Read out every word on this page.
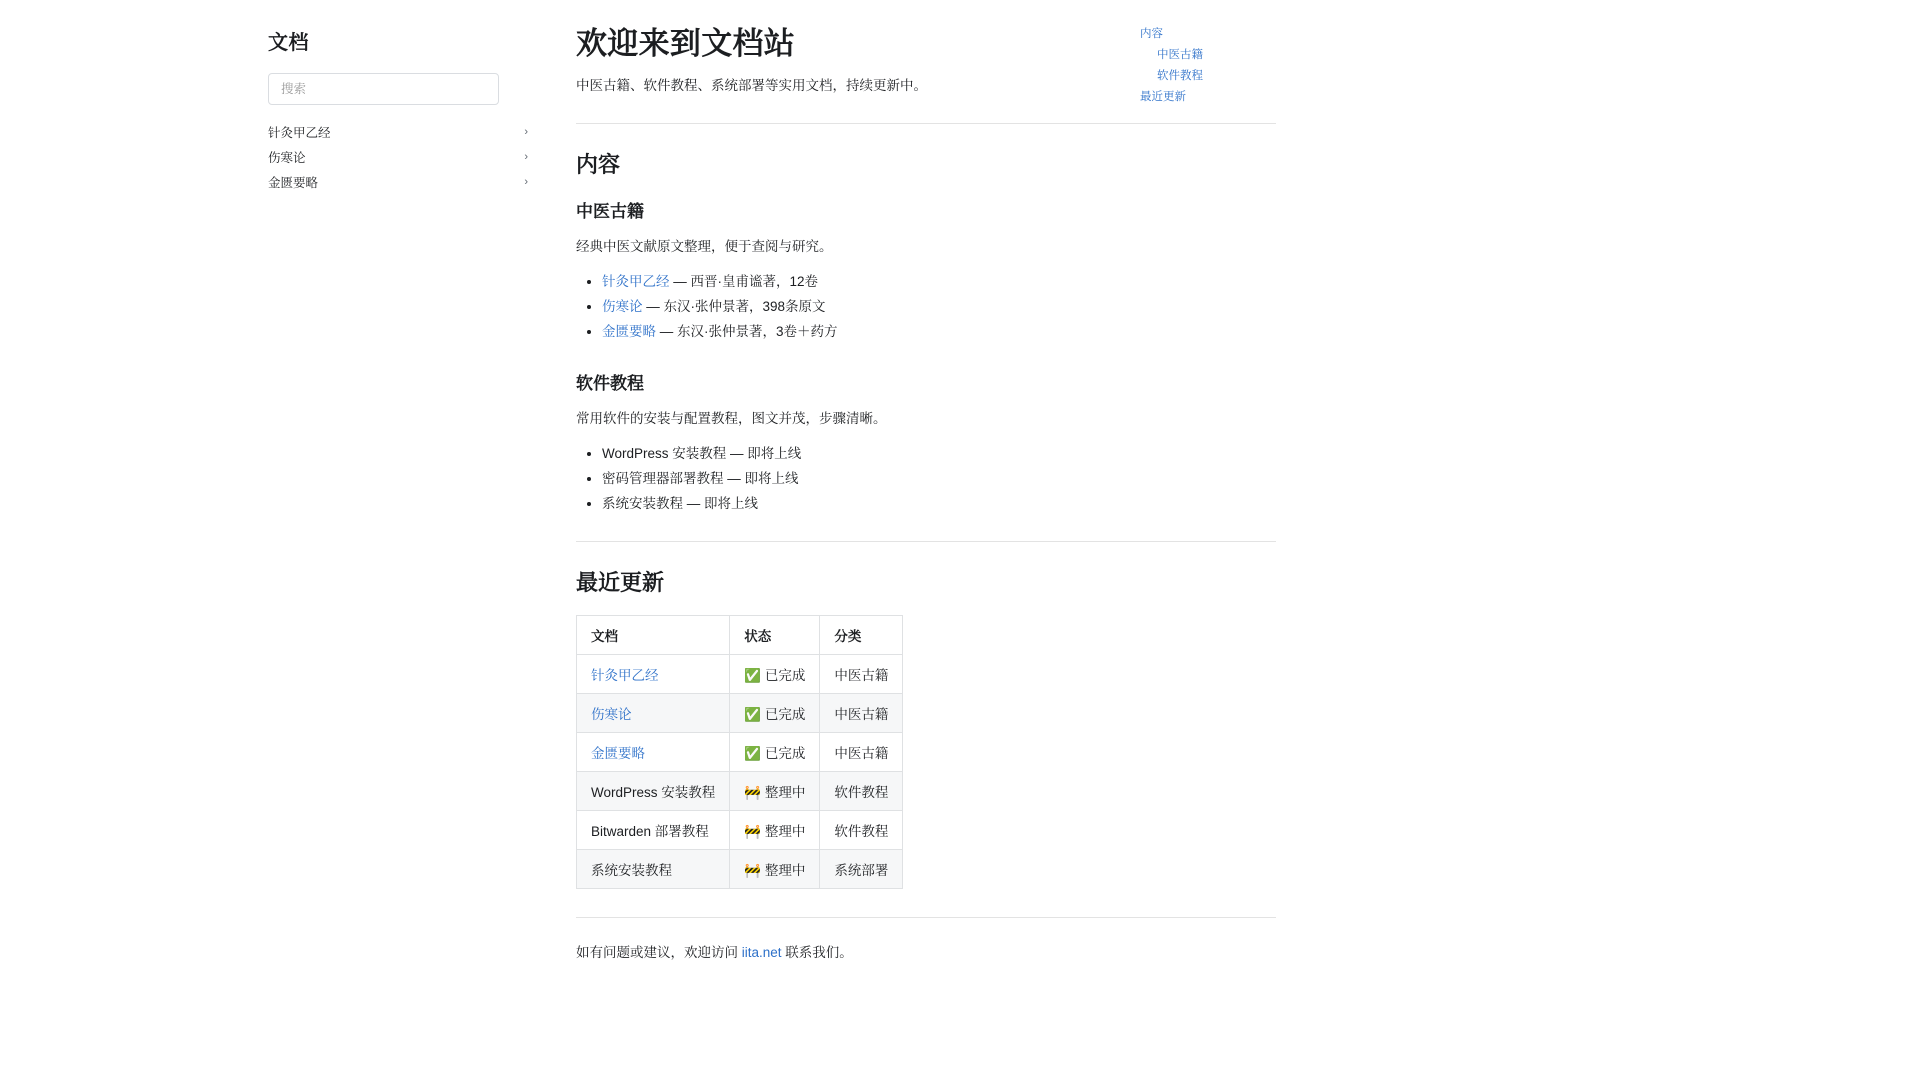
文档
搜索
针灸甲乙经	›
伤寒论	›
金匮要略	›
欢迎来到文档站

中医古籍、软件教程、系统部署等实用文档，持续更新中。

内容
中医古籍

经典中医文献原文整理，便于查阅与研究。

• 针灸甲乙经 — 西晋·皇甫谧著，12卷
• 伤寒论 — 东汉·张仲景著，398条原文
• 金匮要略 — 东汉·张仲景著，3卷＋药方
软件教程

常用软件的安装与配置教程，图文并茂，步骤清晰。

• WordPress 安装教程 — 即将上线
• 密码管理器部署教程 — 即将上线
• 系统安装教程 — 即将上线
最近更新
文档	状态	分类
针灸甲乙经	✅ 已完成	中医古籍
伤寒论	✅ 已完成	中医古籍
金匮要略	✅ 已完成	中医古籍
WordPress 安装教程	🚧 整理中	软件教程
Bitwarden 部署教程	🚧 整理中	软件教程
系统安装教程	🚧 整理中	系统部署

如有问题或建议，欢迎访问 iita.net 联系我们。

内容
中医古籍
软件教程
最近更新
